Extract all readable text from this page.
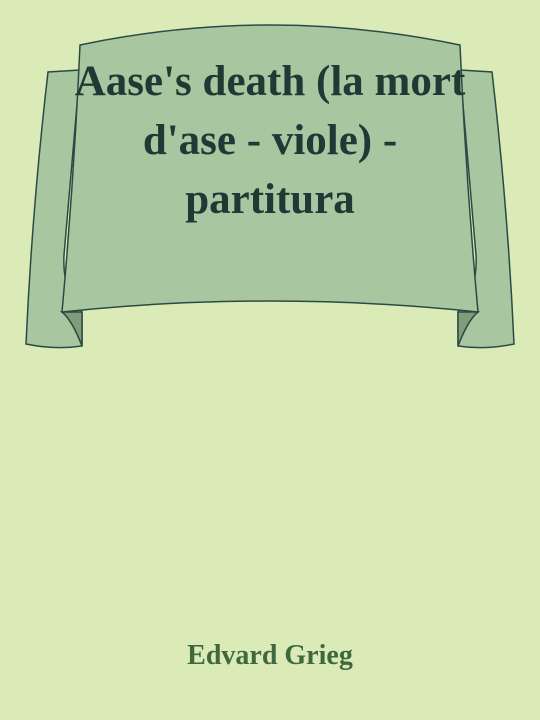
Aase's death (la mort d'ase - viole) - partitura
Edvard Grieg
